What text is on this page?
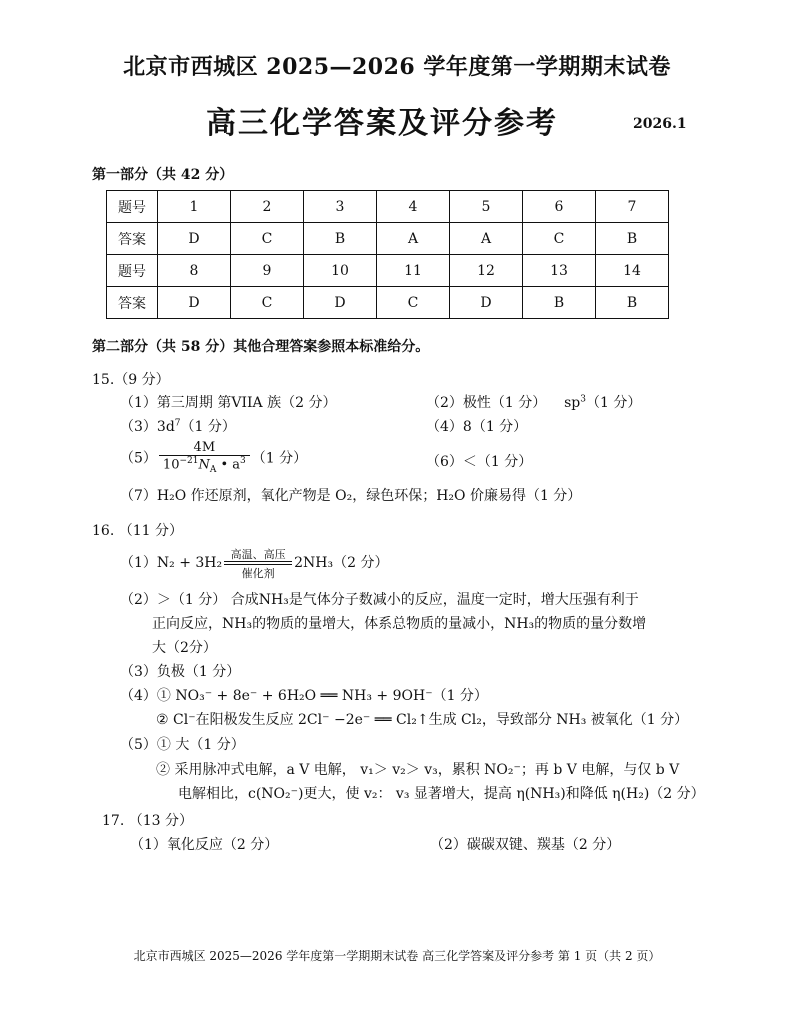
北京市西城区 2025—2026 学年度第一学期期末试卷
高三化学答案及评分参考	2026.1
第一部分（共 42 分）
题号	1	2	3	4	5	6	7
答案	D	C	B	A	A	C	B
题号	8	9	10	11	12	13	14
答案	D	C	D	C	D	B	B
第二部分（共 58 分）其他合理答案参照本标准给分。
15.（9 分）
（1）第三周期 第VIIA 族（2 分）	（2）极性（1 分） $sp^3(1$ 分）
$(3)3d^7(1$ 分）	（4）8（1 分）
$(5) \frac{4M}{10^{-21}N_A • a^3} (1$ 分）	（6）＜（1 分）
（7）H₂O 作还原剂，氧化产物是 O₂，绿色环保；H₂O 价廉易得（1 分）
16. （11 分）
（1）N₂ + 3H₂
高温、高压
催化剂
2NH₃（2 分）
（2）＞（1 分） 合成NH₃是气体分子数减小的反应，温度一定时，增大压强有利于
正向反应，NH₃的物质的量增大，体系总物质的量减小，NH₃的物质的量分数增
大（2分）
（3）负极（1 分）
（4）① NO₃⁻ + 8e⁻ + 6H₂O ══ NH₃ + 9OH⁻（1 分）
② Cl⁻在阳极发生反应 2Cl⁻ −2e⁻ ══ Cl₂↑生成 Cl₂，导致部分 NH₃ 被氧化（1 分）
（5）① 大（1 分）
② 采用脉冲式电解，a V 电解， v₁＞ v₂＞ v₃，累积 NO₂⁻；再 b V 电解，与仅 b V
电解相比，c(NO₂⁻)更大，使 v₂： v₃ 显著增大，提高 η(NH₃)和降低 η(H₂)（2 分）
17. （13 分）
（1）氧化反应（2 分）	（2）碳碳双键、羰基（2 分）
北京市西城区 2025—2026 学年度第一学期期末试卷 高三化学答案及评分参考 第 1 页（共 2 页）
